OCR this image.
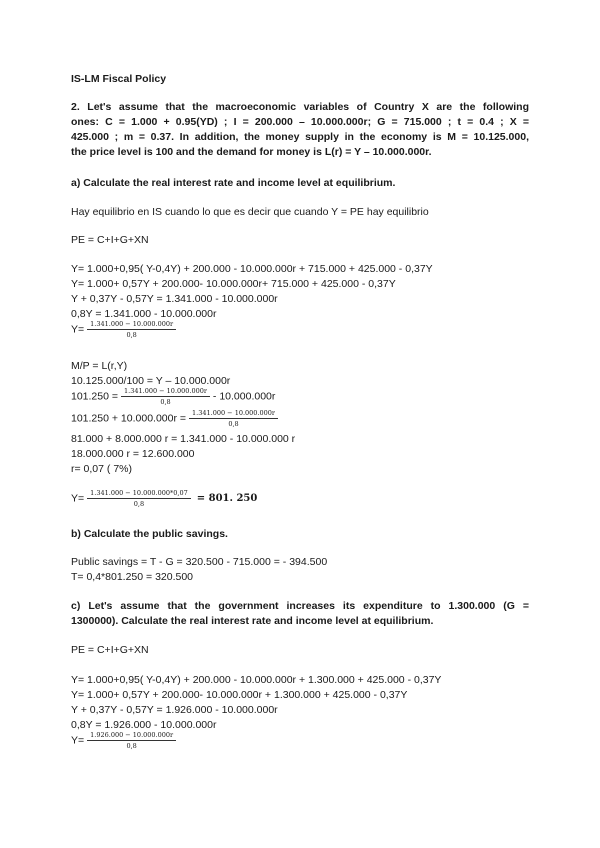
IS-LM Fiscal Policy
2. Let's assume that the macroeconomic variables of Country X are the following
ones: C = 1.000 + 0.95(YD) ; I = 200.000 – 10.000.000r; G = 715.000 ; t = 0.4 ; X =
425.000 ; m = 0.37. In addition, the money supply in the economy is M = 10.125.000,
the price level is 100 and the demand for money is L(r) = Y – 10.000.000r.
a) Calculate the real interest rate and income level at equilibrium.
Hay equilibrio en IS cuando lo que es decir que cuando Y = PE hay equilibrio
PE = C+I+G+XN
Y= 1.000+0,95( Y-0,4Y) + 200.000 - 10.000.000r + 715.000 + 425.000 - 0,37Y
Y= 1.000+ 0,57Y + 200.000- 10.000.000r+ 715.000 + 425.000 - 0,37Y
Y + 0,37Y - 0,57Y = 1.341.000 - 10.000.000r
0,8Y = 1.341.000 - 10.000.000r
$Y= \frac{1.341.000 - 10.000.000r}{0,8}$
M/P = L(r,Y)
10.125.000/100 = Y – 10.000.000r
$101.250 = \frac{1.341.000 - 10.000.000r}{0,8} - 10.000.000r$
$101.250 + 10.000.000r = \frac{1.341.000 - 10.000.000r}{0,8}$
81.000 + 8.000.000 r = 1.341.000 - 10.000.000 r
18.000.000 r = 12.600.000
r= 0,07 ( 7%)
$Y= \frac{1.341.000 - 10.000.000*0,07}{0,8} = 801$. 250
b) Calculate the public savings.
Public savings = T - G = 320.500 - 715.000 = - 394.500
T= 0,4*801.250 = 320.500
c) Let's assume that the government increases its expenditure to 1.300.000 (G =
1300000). Calculate the real interest rate and income level at equilibrium.
PE = C+I+G+XN
Y= 1.000+0,95( Y-0,4Y) + 200.000 - 10.000.000r + 1.300.000 + 425.000 - 0,37Y
Y= 1.000+ 0,57Y + 200.000- 10.000.000r + 1.300.000 + 425.000 - 0,37Y
Y + 0,37Y - 0,57Y = 1.926.000 - 10.000.000r
0,8Y = 1.926.000 - 10.000.000r
$Y= \frac{1.926.000 - 10.000.000r}{0,8}$
